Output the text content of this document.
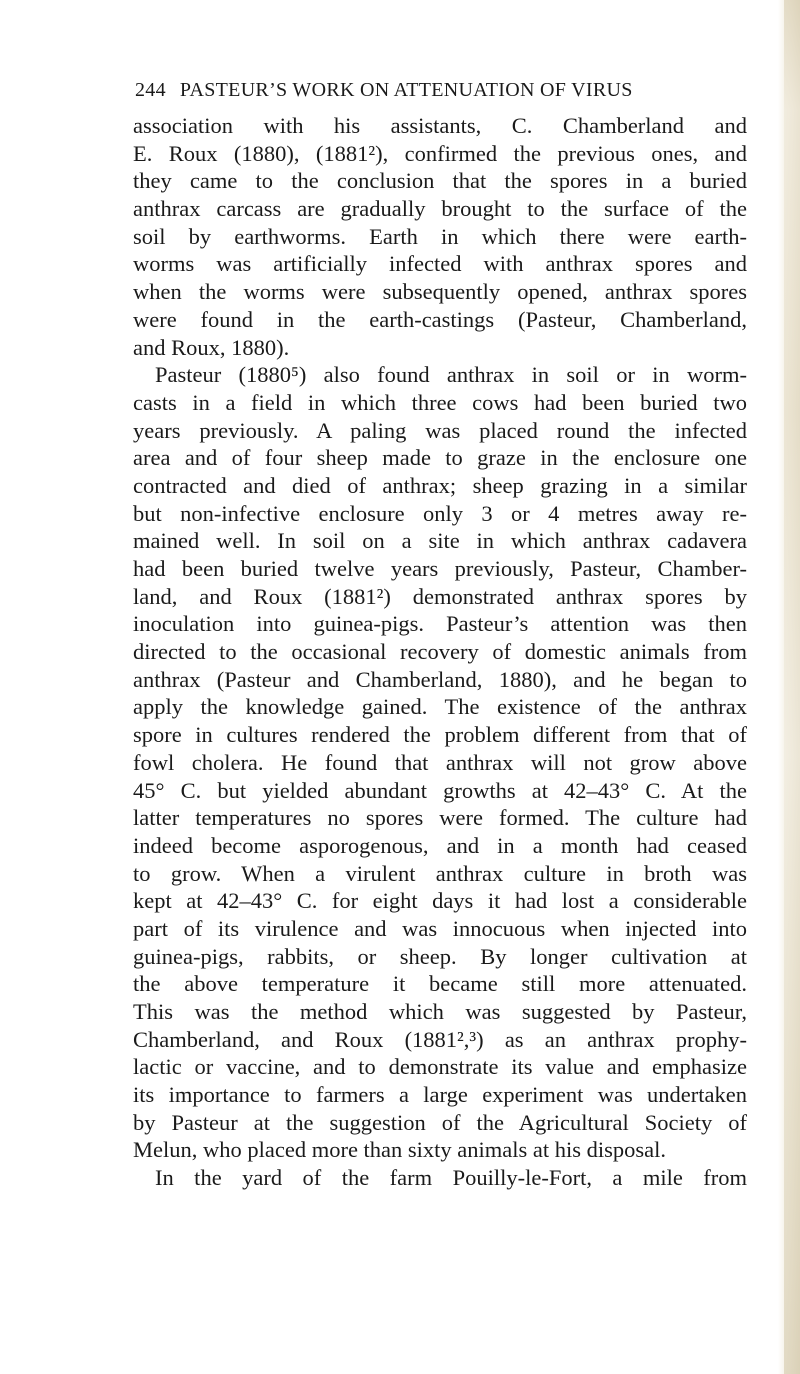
244 PASTEUR’S WORK ON ATTENUATION OF VIRUS
association with his assistants, C. Chamberland and
E. Roux (1880), (1881²), confirmed the previous ones, and
they came to the conclusion that the spores in a buried
anthrax carcass are gradually brought to the surface of the
soil by earthworms. Earth in which there were earth-
worms was artificially infected with anthrax spores and
when the worms were subsequently opened, anthrax spores
were found in the earth-castings (Pasteur, Chamberland,
and Roux, 1880).
Pasteur (1880⁵) also found anthrax in soil or in worm-
casts in a field in which three cows had been buried two
years previously. A paling was placed round the infected
area and of four sheep made to graze in the enclosure one
contracted and died of anthrax; sheep grazing in a similar
but non-infective enclosure only 3 or 4 metres away re-
mained well. In soil on a site in which anthrax cadavera
had been buried twelve years previously, Pasteur, Chamber-
land, and Roux (1881²) demonstrated anthrax spores by
inoculation into guinea-pigs. Pasteur’s attention was then
directed to the occasional recovery of domestic animals from
anthrax (Pasteur and Chamberland, 1880), and he began to
apply the knowledge gained. The existence of the anthrax
spore in cultures rendered the problem different from that of
fowl cholera. He found that anthrax will not grow above
45° C. but yielded abundant growths at 42–43° C. At the
latter temperatures no spores were formed. The culture had
indeed become asporogenous, and in a month had ceased
to grow. When a virulent anthrax culture in broth was
kept at 42–43° C. for eight days it had lost a considerable
part of its virulence and was innocuous when injected into
guinea-pigs, rabbits, or sheep. By longer cultivation at
the above temperature it became still more attenuated.
This was the method which was suggested by Pasteur,
Chamberland, and Roux (1881²,³) as an anthrax prophy-
lactic or vaccine, and to demonstrate its value and emphasize
its importance to farmers a large experiment was undertaken
by Pasteur at the suggestion of the Agricultural Society of
Melun, who placed more than sixty animals at his disposal.
In the yard of the farm Pouilly-le-Fort, a mile from
